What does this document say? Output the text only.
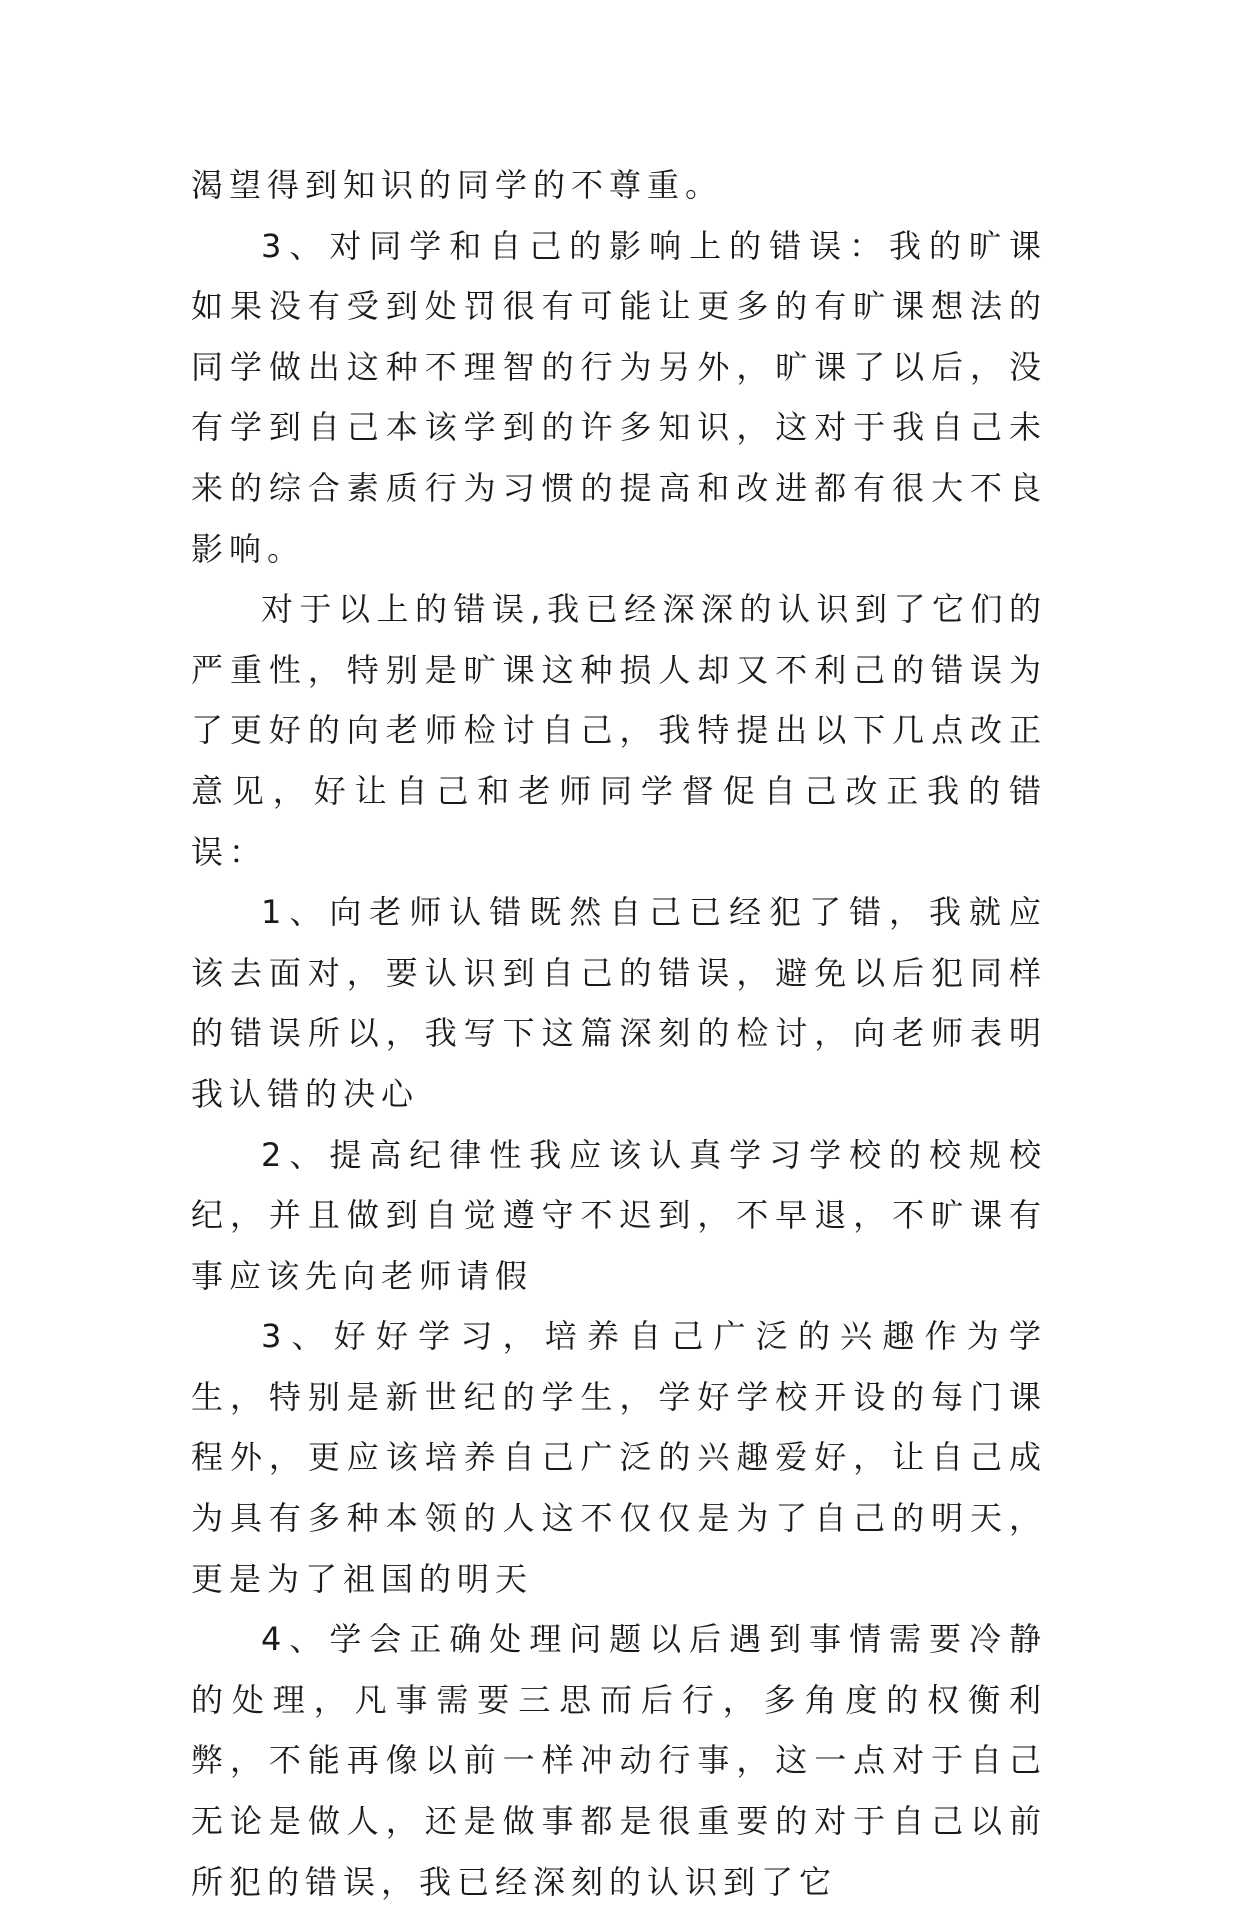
渴望得到知识的同学的不尊重。

3、对同学和自己的影响上的错误：我的旷课如果没有受到处罚很有可能让更多的有旷课想法的同学做出这种不理智的行为另外，旷课了以后，没有学到自己本该学到的许多知识，这对于我自己未来的综合素质行为习惯的提高和改进都有很大不良影响。

对于以上的错误,我已经深深的认识到了它们的严重性，特别是旷课这种损人却又不利己的错误为了更好的向老师检讨自己，我特提出以下几点改正意见，好让自己和老师同学督促自己改正我的错误：

1、向老师认错既然自己已经犯了错，我就应该去面对，要认识到自己的错误，避免以后犯同样的错误所以，我写下这篇深刻的检讨，向老师表明我认错的决心

2、提高纪律性我应该认真学习学校的校规校纪，并且做到自觉遵守不迟到，不早退，不旷课有事应该先向老师请假

3、好好学习，培养自己广泛的兴趣作为学生，特别是新世纪的学生，学好学校开设的每门课程外，更应该培养自己广泛的兴趣爱好，让自己成为具有多种本领的人这不仅仅是为了自己的明天，更是为了祖国的明天

4、学会正确处理问题以后遇到事情需要冷静的处理，凡事需要三思而后行，多角度的权衡利弊，不能再像以前一样冲动行事，这一点对于自己无论是做人，还是做事都是很重要的对于自己以前所犯的错误，我已经深刻的认识到了它
